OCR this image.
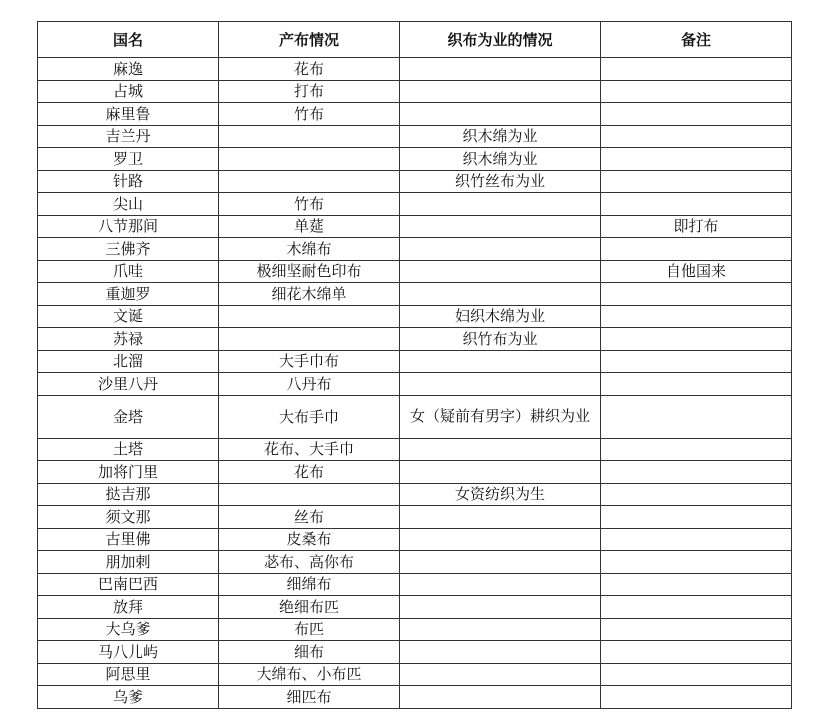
国名	产布情况	织布为业的情况	备注
麻逸	花布		
占城	打布		
麻里鲁	竹布		
吉兰丹		织木绵为业	
罗卫		织木绵为业	
针路		织竹丝布为业	
尖山	竹布		
八节那间	单莚		即打布
三佛齐	木绵布		
爪哇	极细坚耐色印布		自他国来
重迦罗	细花木绵单		
文诞		妇织木绵为业	
苏禄		织竹布为业	
北溜	大手巾布		
沙里八丹	八丹布		
金塔	大布手巾	女（疑前有男字）耕织为业	
土塔	花布、大手巾		
加将门里	花布		
挞吉那		女资纺织为生	
须文那	丝布		
古里佛	皮桑布		
朋加剌	苾布、高你布		
巴南巴西	细绵布		
放拜	绝细布匹		
大乌爹	布匹		
马八儿屿	细布		
阿思里	大绵布、小布匹		
乌爹	细匹布		
